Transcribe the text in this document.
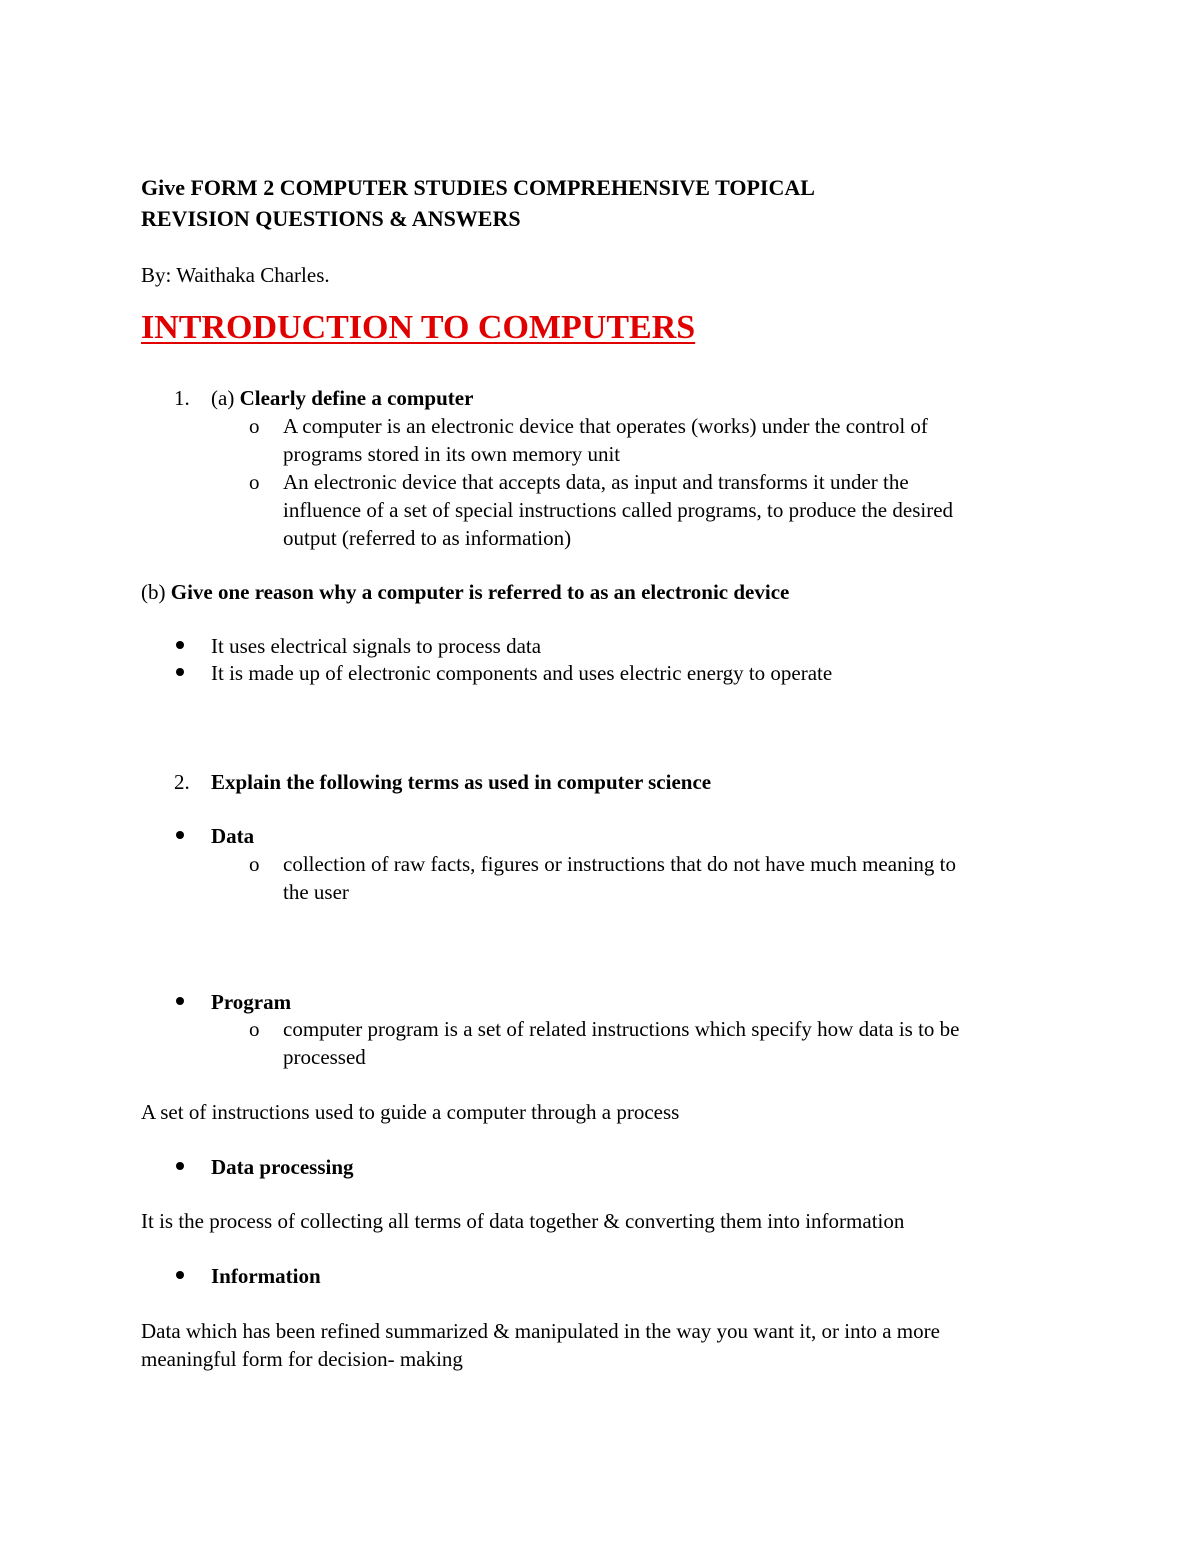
Give FORM 2 COMPUTER STUDIES COMPREHENSIVE TOPICAL
REVISION QUESTIONS & ANSWERS
By: Waithaka Charles.
INTRODUCTION TO COMPUTERS
1. (a) Clearly define a computer
o A computer is an electronic device that operates (works) under the control of
programs stored in its own memory unit
o An electronic device that accepts data, as input and transforms it under the
influence of a set of special instructions called programs, to produce the desired
output (referred to as information)
(b) Give one reason why a computer is referred to as an electronic device
It uses electrical signals to process data
It is made up of electronic components and uses electric energy to operate
2. Explain the following terms as used in computer science
Data
o collection of raw facts, figures or instructions that do not have much meaning to
the user
Program
o computer program is a set of related instructions which specify how data is to be
processed
A set of instructions used to guide a computer through a process
Data processing
It is the process of collecting all terms of data together & converting them into information
Information
Data which has been refined summarized & manipulated in the way you want it, or into a more
meaningful form for decision- making
